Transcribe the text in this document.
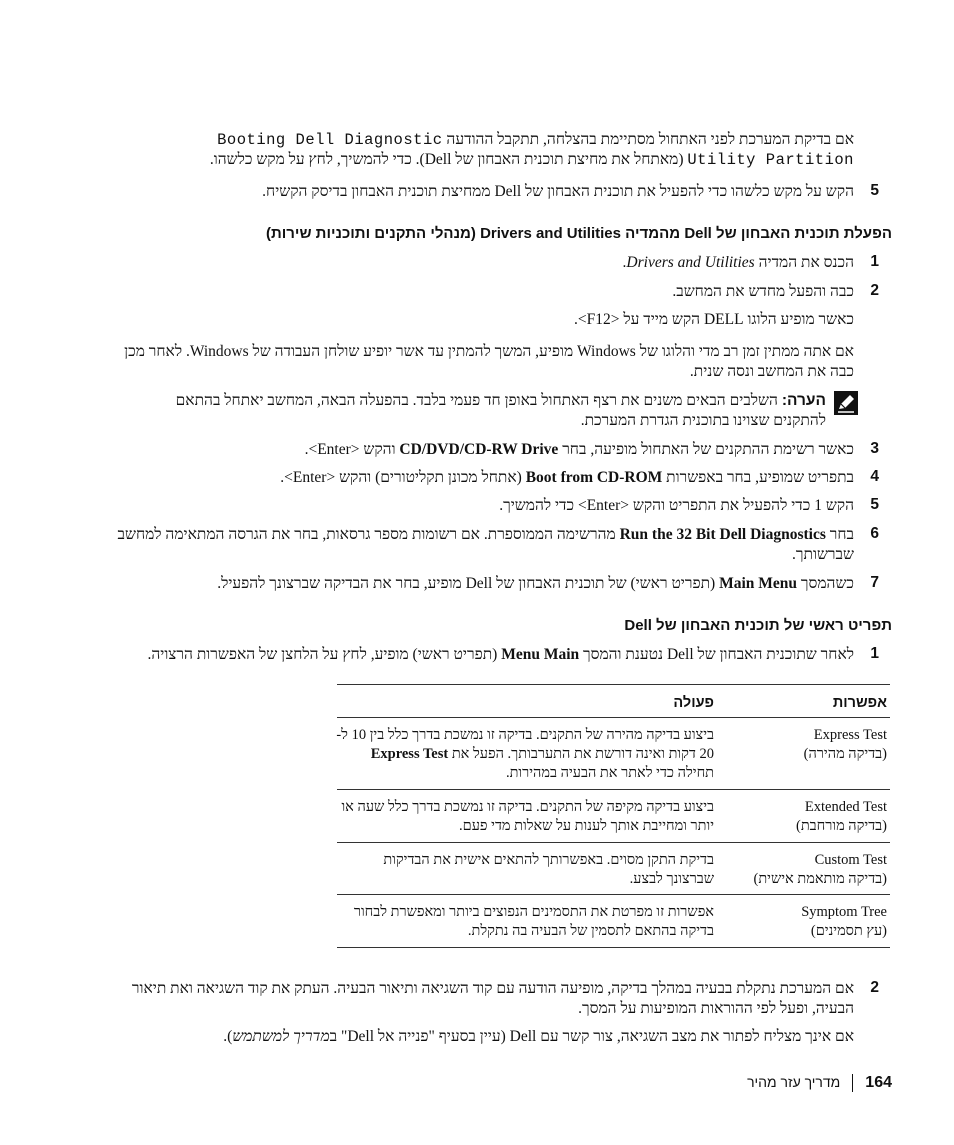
אם בדיקת המערכת לפני האתחול מסתיימת בהצלחה, תתקבל ההודעה Booting Dell Diagnostic
Utility Partition (מאתחל את מחיצת תוכנית האבחון של Dell). כדי להמשיך, לחץ על מקש כלשהו.
5
הקש על מקש כלשהו כדי להפעיל את תוכנית האבחון של Dell ממחיצת תוכנית האבחון בדיסק הקשיח.
הפעלת תוכנית האבחון של Dell מהמדיה Drivers and Utilities (מנהלי התקנים ותוכניות שירות)
1
הכנס את המדיה Drivers and Utilities.
2
כבה והפעל מחדש את המחשב.
כאשר מופיע הלוגו DELL הקש מייד על <F12>.
אם אתה ממתין זמן רב מדי והלוגו של Windows מופיע, המשך להמתין עד אשר יופיע שולחן העבודה של Windows. לאחר מכן כבה את המחשב ונסה שנית.
הערה: השלבים הבאים משנים את רצף האתחול באופן חד פעמי בלבד. בהפעלה הבאה, המחשב יאתחל בהתאם להתקנים שצוינו בתוכנית הגדרת המערכת.
3
כאשר רשימת ההתקנים של האתחול מופיעה, בחר CD/DVD/CD-RW Drive והקש <Enter>.
4
בתפריט שמופיע, בחר באפשרות Boot from CD-ROM (אתחל מכונן תקליטורים) והקש <Enter>.
5
הקש 1 כדי להפעיל את התפריט והקש <Enter> כדי להמשיך.
6
בחר Run the 32 Bit Dell Diagnostics מהרשימה הממוספרת. אם רשומות מספר גרסאות, בחר את הגרסה המתאימה למחשב שברשותך.
7
כשהמסך Main Menu (תפריט ראשי) של תוכנית האבחון של Dell מופיע, בחר את הבדיקה שברצונך להפעיל.
תפריט ראשי של תוכנית האבחון של Dell
1
לאחר שתוכנית האבחון של Dell נטענת והמסך Menu Main (תפריט ראשי) מופיע, לחץ על הלחצן של האפשרות הרצויה.
אפשרות
פעולה
Express Test
(בדיקה מהירה)
ביצוע בדיקה מהירה של התקנים. בדיקה זו נמשכת בדרך כלל בין 10 ל- 20 דקות ואינה דורשת את התערבותך. הפעל את Express Test תחילה כדי לאתר את הבעיה במהירות.
Extended Test
(בדיקה מורחבת)
ביצוע בדיקה מקיפה של התקנים. בדיקה זו נמשכת בדרך כלל שעה או יותר ומחייבת אותך לענות על שאלות מדי פעם.
Custom Test
(בדיקה מותאמת אישית)
בדיקת התקן מסוים. באפשרותך להתאים אישית את הבדיקות שברצונך לבצע.
Symptom Tree
(עץ תסמינים)
אפשרות זו מפרטת את התסמינים הנפוצים ביותר ומאפשרת לבחור בדיקה בהתאם לתסמין של הבעיה בה נתקלת.
2
אם המערכת נתקלת בבעיה במהלך בדיקה, מופיעה הודעה עם קוד השגיאה ותיאור הבעיה. העתק את קוד השגיאה ואת תיאור הבעיה, ופעל לפי ההוראות המופיעות על המסך.
אם אינך מצליח לפתור את מצב השגיאה, צור קשר עם Dell (עיין בסעיף "פנייה אל Dell" במדריך למשתמש).
164מדריך עזר מהיר
